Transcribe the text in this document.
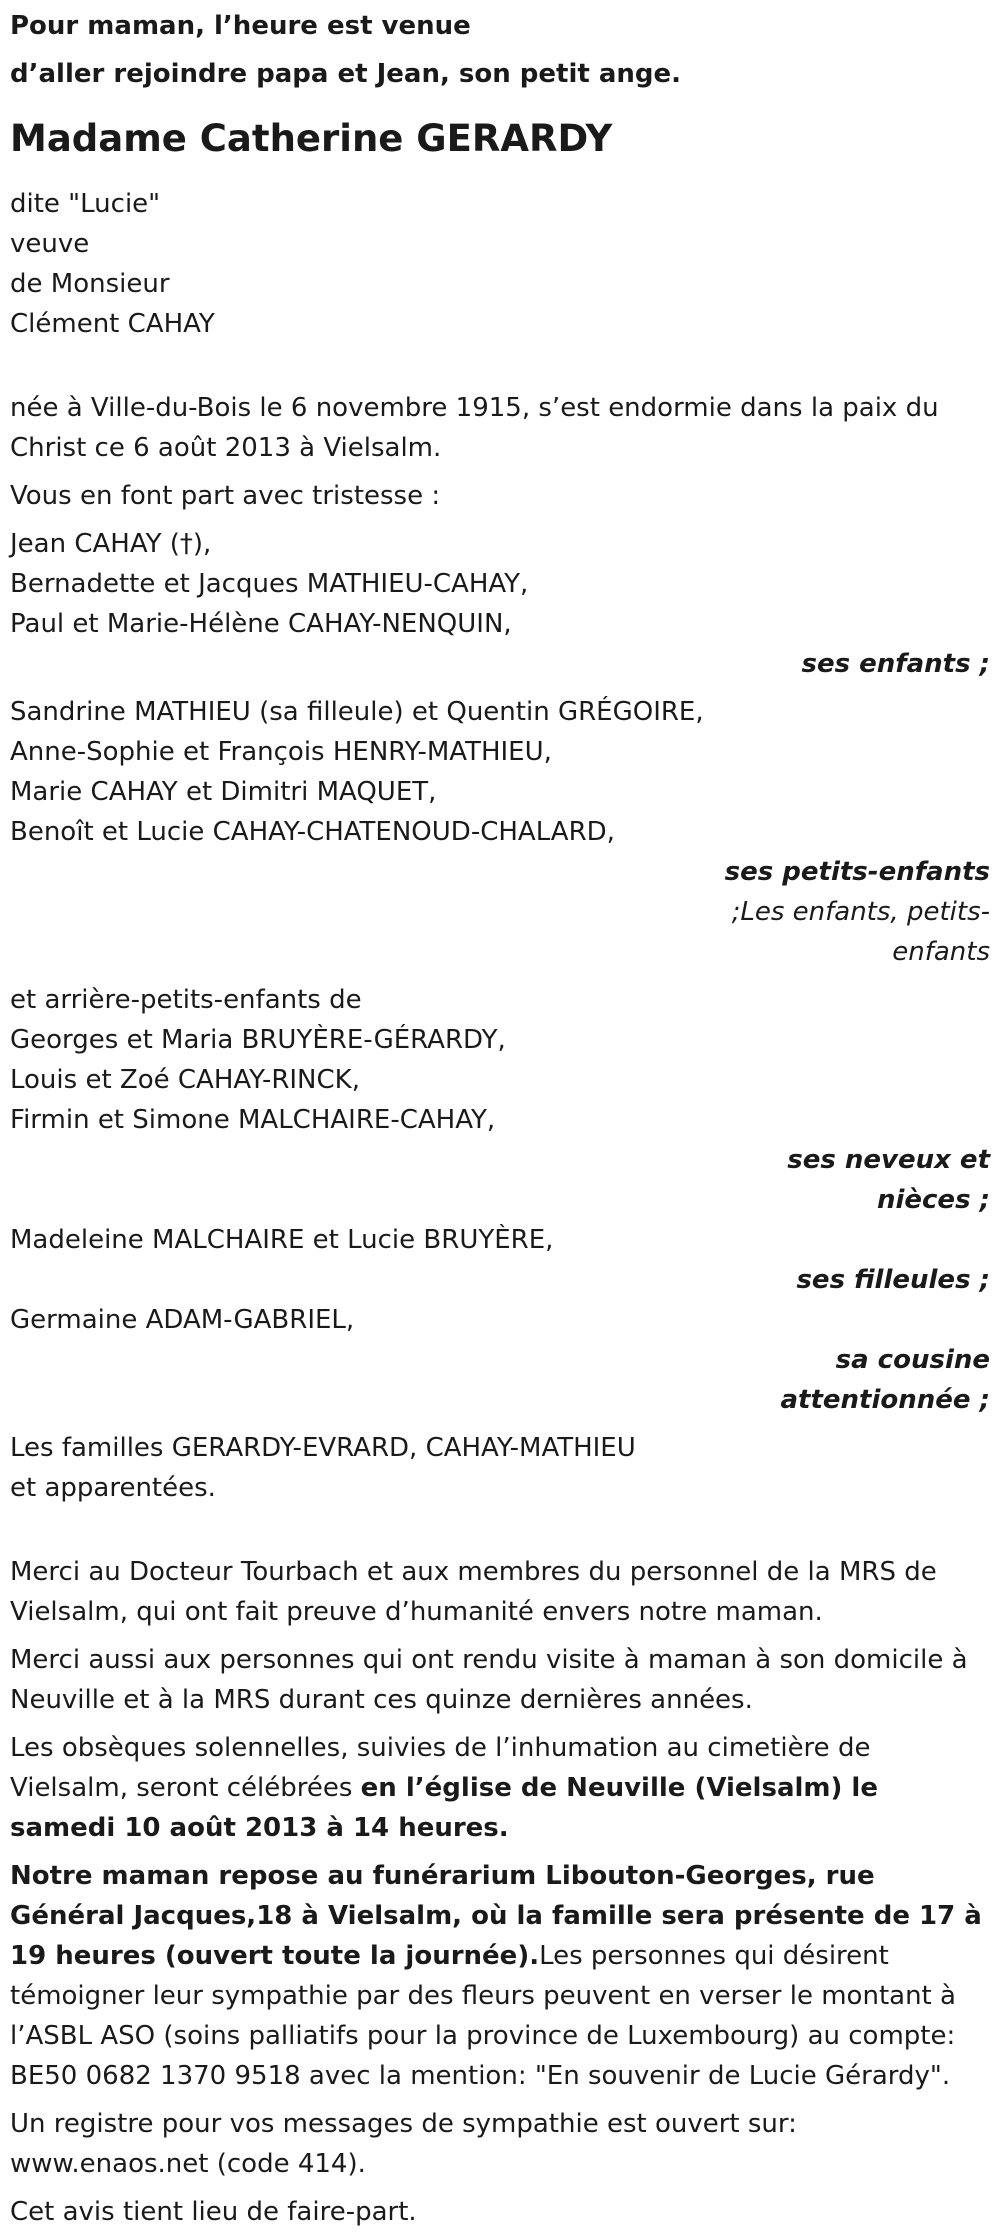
Pour maman, l’heure est venue

d’aller rejoindre papa et Jean, son petit ange.

Madame Catherine GERARDY

dite "Lucie"

veuve

de Monsieur

Clément CAHAY

née à Ville-du-Bois le 6 novembre 1915, s’est endormie dans la paix du Christ ce 6 août 2013 à Vielsalm.

Vous en font part avec tristesse :

Jean CAHAY (†),

Bernadette et Jacques MATHIEU-CAHAY,

Paul et Marie-Hélène CAHAY-NENQUIN,

ses enfants ;

Sandrine MATHIEU (sa filleule) et Quentin GRÉGOIRE,

Anne-Sophie et François HENRY-MATHIEU,

Marie CAHAY et Dimitri MAQUET,

Benoît et Lucie CAHAY-CHATENOUD-CHALARD,

ses petits-enfants

;Les enfants, petits-

enfants

et arrière-petits-enfants de

Georges et Maria BRUYÈRE-GÉRARDY,

Louis et Zoé CAHAY-RINCK,

Firmin et Simone MALCHAIRE-CAHAY,

ses neveux et

nièces ;

Madeleine MALCHAIRE et Lucie BRUYÈRE,

ses filleules ;

Germaine ADAM-GABRIEL,

sa cousine

attentionnée ;

Les familles GERARDY-EVRARD, CAHAY-MATHIEU

et apparentées.

Merci au Docteur Tourbach et aux membres du personnel de la MRS de Vielsalm, qui ont fait preuve d’humanité envers notre maman.

Merci aussi aux personnes qui ont rendu visite à maman à son domicile à Neuville et à la MRS durant ces quinze dernières années.

Les obsèques solennelles, suivies de l’inhumation au cimetière de Vielsalm, seront célébrées en l’église de Neuville (Vielsalm) le samedi 10 août 2013 à 14 heures.

Notre maman repose au funérarium Libouton-Georges, rue Général Jacques,18 à Vielsalm, où la famille sera présente de 17 à 19 heures (ouvert toute la journée).Les personnes qui désirent témoigner leur sympathie par des fleurs peuvent en verser le montant à l’ASBL ASO (soins palliatifs pour la province de Luxembourg) au compte: BE50 0682 1370 9518 avec la mention: "En souvenir de Lucie Gérardy".

Un registre pour vos messages de sympathie est ouvert sur: www.enaos.net (code 414).

Cet avis tient lieu de faire-part.
